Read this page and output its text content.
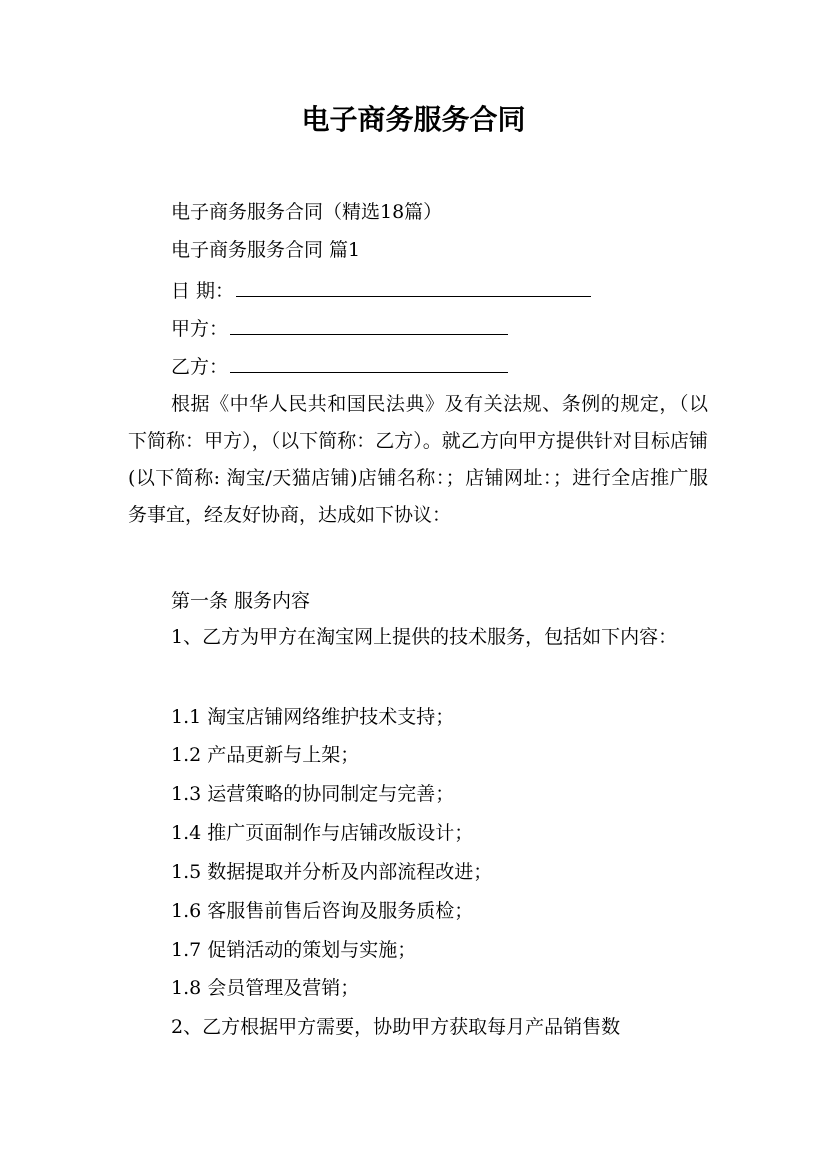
电子商务服务合同
电子商务服务合同（精选18篇）
电子商务服务合同 篇1
日 期：
甲方：
乙方：
根据《中华人民共和国民法典》及有关法规、条例的规定，（以下简称：甲方），（以下简称：乙方）。就乙方向甲方提供针对目标店铺(以下简称: 淘宝/天猫店铺)店铺名称：；店铺网址：；进行全店推广服务事宜，经友好协商，达成如下协议：
第一条 服务内容
1、乙方为甲方在淘宝网上提供的技术服务，包括如下内容：
1.1 淘宝店铺网络维护技术支持；
1.2 产品更新与上架；
1.3 运营策略的协同制定与完善；
1.4 推广页面制作与店铺改版设计；
1.5 数据提取并分析及内部流程改进；
1.6 客服售前售后咨询及服务质检；
1.7 促销活动的策划与实施；
1.8 会员管理及营销；
2、乙方根据甲方需要，协助甲方获取每月产品销售数
